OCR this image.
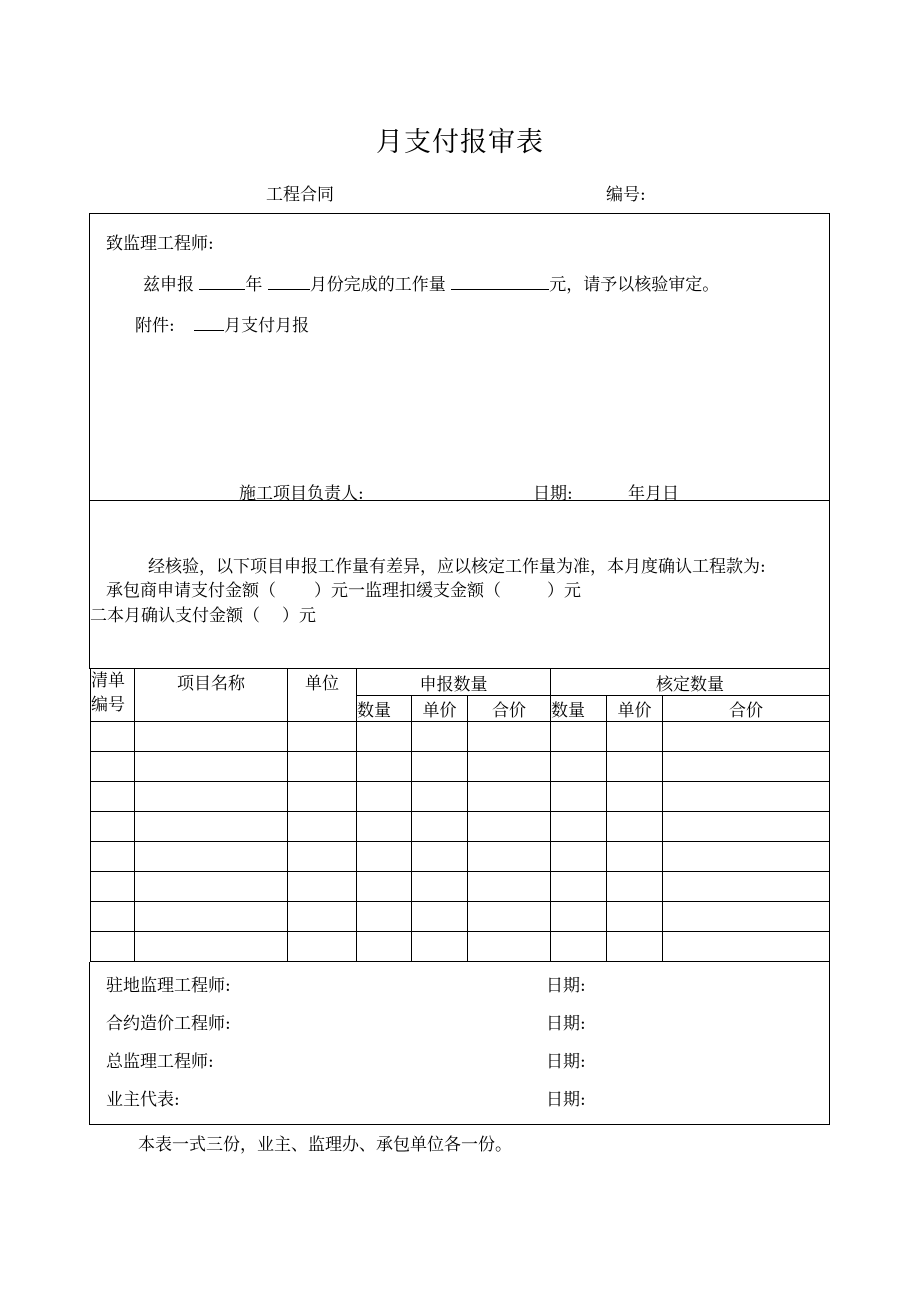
月支付报审表
工程合同	编号:
致监理工程师:
兹申报	年	月份完成的工作量	元，请予以核验审定。
附件:	月支付月报
施工项目负责人:	日期:	年月日
经核验，以下项目申报工作量有差异，应以核定工作量为准，本月度确认工程款为:
承包商申请支付金额（ ）元一监理扣缓支金额（	）元
二本月确认支付金额（ ）元
清单
编号	项目名称	单位	申报数量			核定数量		
			数量	单价	合价	数量	单价	合价

驻地监理工程师:	日期:
合约造价工程师:	日期:
总监理工程师:	日期:
业主代表:	日期:
本表一式三份，业主、监理办、承包单位各一份。
